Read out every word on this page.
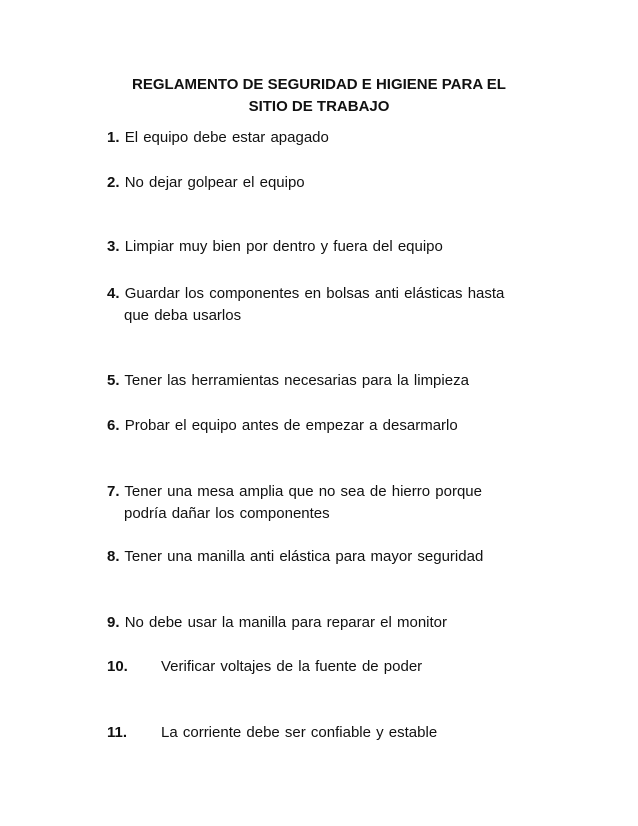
REGLAMENTO DE SEGURIDAD E HIGIENE PARA EL
SITIO DE TRABAJO
1. El equipo debe estar apagado
2. No dejar golpear el equipo
3. Limpiar muy bien por dentro y fuera del equipo
4. Guardar los componentes en bolsas anti elásticas hasta
que deba usarlos
5. Tener las herramientas necesarias para la limpieza
6. Probar el equipo antes de empezar a desarmarlo
7. Tener una mesa amplia que no sea de hierro porque
podría dañar los componentes
8. Tener una manilla anti elástica para mayor seguridad
9. No debe usar la manilla para reparar el monitor
10. Verificar voltajes de la fuente de poder
11. La corriente debe ser confiable y estable
